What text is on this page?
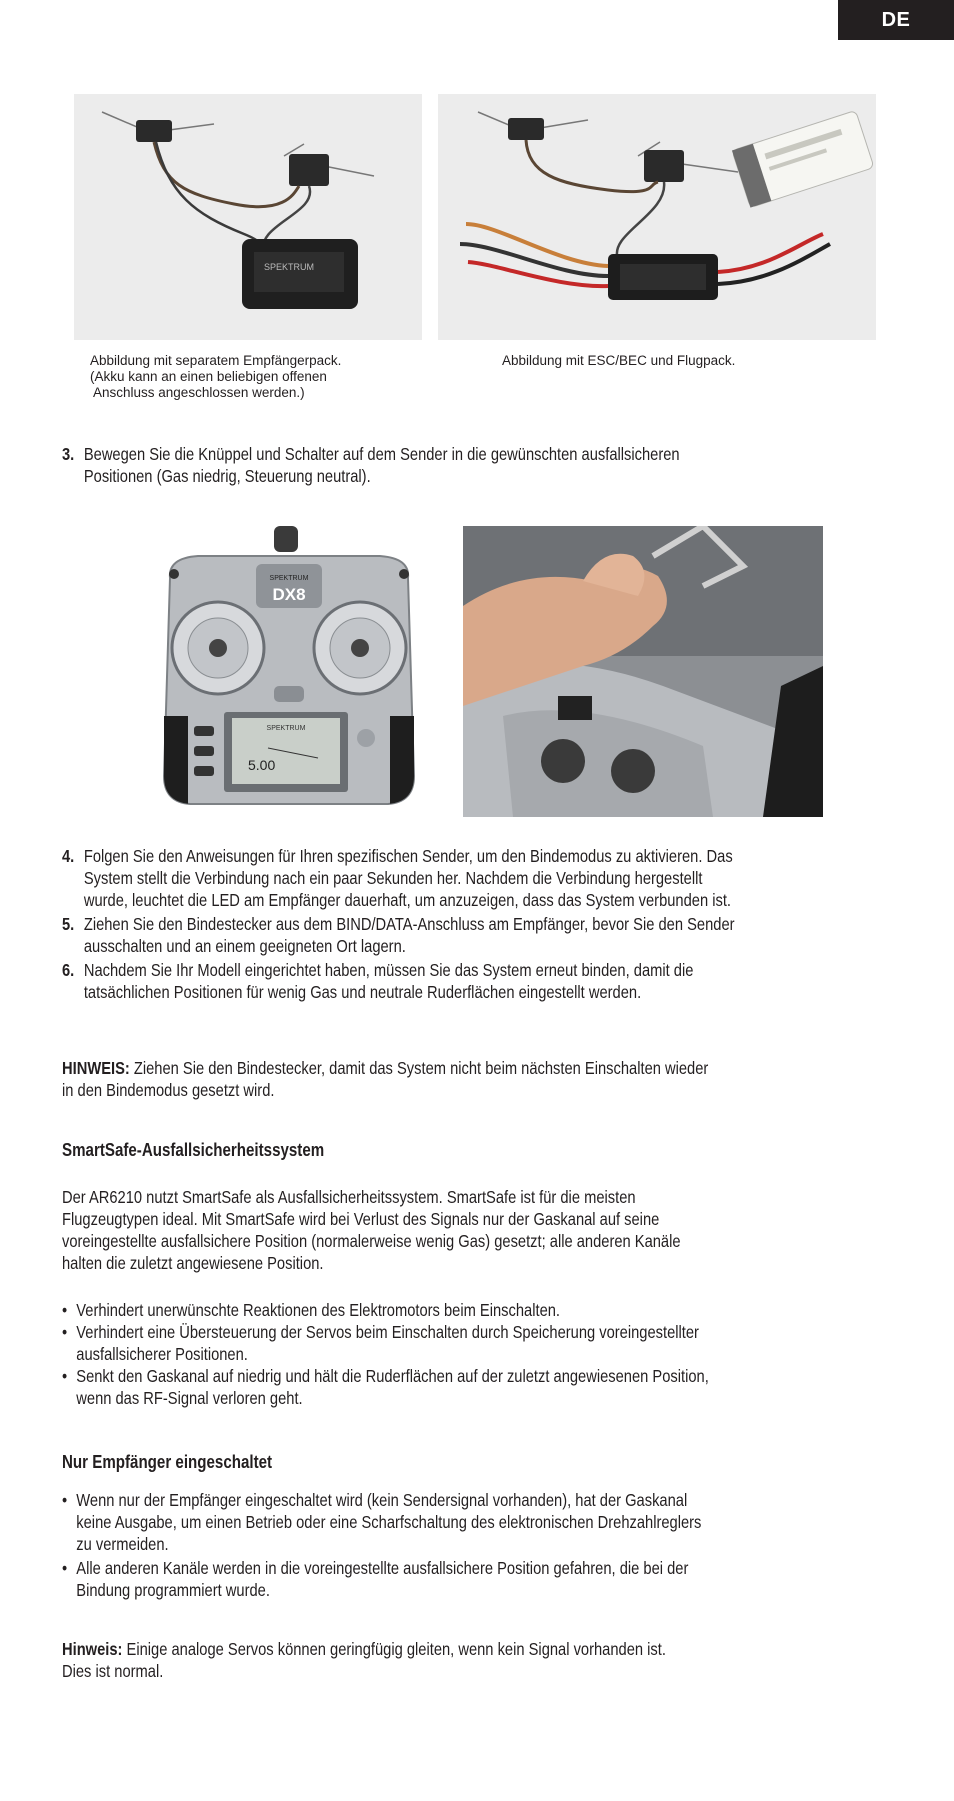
DE
SPEKTRUM
Abbildung mit separatem Empfängerpack.
(Akku kann an einen beliebigen offenen
Anschluss angeschlossen werden.)
Abbildung mit ESC/BEC und Flugpack.
3. Bewegen Sie die Knüppel und Schalter auf dem Sender in die gewünschten ausfallsicheren
Positionen (Gas niedrig, Steuerung neutral).
SPEKTRUM
DX8
SPEKTRUM
5.00
4. Folgen Sie den Anweisungen für Ihren spezifischen Sender, um den Bindemodus zu aktivieren. Das
System stellt die Verbindung nach ein paar Sekunden her. Nachdem die Verbindung hergestellt
wurde, leuchtet die LED am Empfänger dauerhaft, um anzuzeigen, dass das System verbunden ist.
5. Ziehen Sie den Bindestecker aus dem BIND/DATA-Anschluss am Empfänger, bevor Sie den Sender
ausschalten und an einem geeigneten Ort lagern.
6. Nachdem Sie Ihr Modell eingerichtet haben, müssen Sie das System erneut binden, damit die
tatsächlichen Positionen für wenig Gas und neutrale Ruderflächen eingestellt werden.
HINWEIS: Ziehen Sie den Bindestecker, damit das System nicht beim nächsten Einschalten wieder
in den Bindemodus gesetzt wird.
SmartSafe-Ausfallsicherheitssystem
Der AR6210 nutzt SmartSafe als Ausfallsicherheitssystem. SmartSafe ist für die meisten
Flugzeugtypen ideal. Mit SmartSafe wird bei Verlust des Signals nur der Gaskanal auf seine
voreingestellte ausfallsichere Position (normalerweise wenig Gas) gesetzt; alle anderen Kanäle
halten die zuletzt angewiesene Position.
• Verhindert unerwünschte Reaktionen des Elektromotors beim Einschalten.
• Verhindert eine Übersteuerung der Servos beim Einschalten durch Speicherung voreingestellter
ausfallsicherer Positionen.
• Senkt den Gaskanal auf niedrig und hält die Ruderflächen auf der zuletzt angewiesenen Position,
wenn das RF-Signal verloren geht.
Nur Empfänger eingeschaltet
• Wenn nur der Empfänger eingeschaltet wird (kein Sendersignal vorhanden), hat der Gaskanal
keine Ausgabe, um einen Betrieb oder eine Scharfschaltung des elektronischen Drehzahlreglers
zu vermeiden.
• Alle anderen Kanäle werden in die voreingestellte ausfallsichere Position gefahren, die bei der
Bindung programmiert wurde.
Hinweis: Einige analoge Servos können geringfügig gleiten, wenn kein Signal vorhanden ist.
Dies ist normal.
